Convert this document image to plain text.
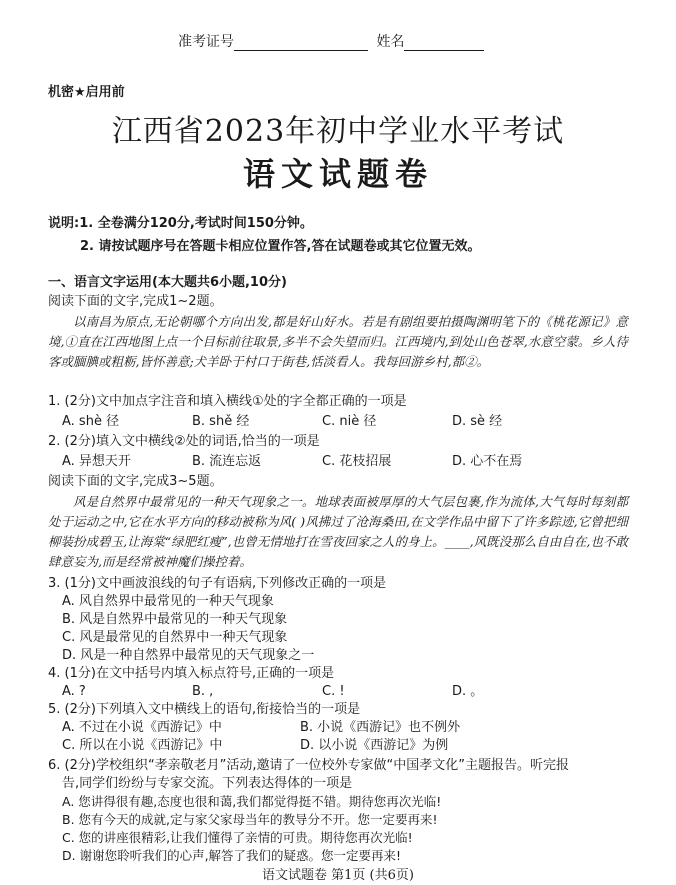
准考证号	姓名
机密★启用前
江西省2023年初中学业水平考试
语文试题卷
说明:1. 全卷满分120分,考试时间150分钟。
2. 请按试题序号在答题卡相应位置作答,答在试题卷或其它位置无效。
一、语言文字运用(本大题共6小题,10分)
阅读下面的文字,完成1~2题。
以南昌为原点,无论朝哪个方向出发,都是好山好水。若是有剧组要拍摄陶渊明笔下的《桃花源记》意境,①直在江西地图上点一个目标前往取景,多半不会失望而归。江西境内,到处山色苍翠,水意空蒙。乡人待客或腼腆或粗粝,皆怀善意;犬羊卧于村口于街巷,恬淡看人。我每回游乡村,都②。
1. (2分)文中加点字注音和填入横线①处的字全都正确的一项是
A. shè 径	B. shě 经	C. niè 径	D. sè 经
2. (2分)填入文中横线②处的词语,恰当的一项是
A. 异想天开	B. 流连忘返	C. 花枝招展	D. 心不在焉
阅读下面的文字,完成3~5题。
风是自然界中最常见的一种天气现象之一。地球表面被厚厚的大气层包裹,作为流体,大气每时每刻都处于运动之中,它在水平方向的移动被称为风( )风拂过了沧海桑田,在文学作品中留下了许多踪迹,它曾把细柳装扮成碧玉,让海棠“绿肥红瘦”,也曾无情地打在雪夜回家之人的身上。____,风既没那么自由自在,也不敢肆意妄为,而是经常被神魔们操控着。
3. (1分)文中画波浪线的句子有语病,下列修改正确的一项是
A. 风自然界中最常见的一种天气现象
B. 风是自然界中最常见的一种天气现象
C. 风是最常见的自然界中一种天气现象
D. 风是一种自然界中最常见的天气现象之一
4. (1分)在文中括号内填入标点符号,正确的一项是
A. ?	B. ,	C. !	D. 。
5. (2分)下列填入文中横线上的语句,衔接恰当的一项是
A. 不过在小说《西游记》中	B. 小说《西游记》也不例外
C. 所以在小说《西游记》中	D. 以小说《西游记》为例
6. (2分)学校组织“孝亲敬老月”活动,邀请了一位校外专家做“中国孝文化”主题报告。听完报
告,同学们纷纷与专家交流。下列表达得体的一项是
A. 您讲得很有趣,态度也很和蔼,我们都觉得挺不错。期待您再次光临!
B. 您有今天的成就,定与家父家母当年的教导分不开。您一定要再来!
语文试题卷 第1页 (共6页)
C. 您的讲座很精彩,让我们懂得了亲情的可贵。期待您再次光临!
D. 谢谢您聆听我们的心声,解答了我们的疑惑。您一定要再来!
